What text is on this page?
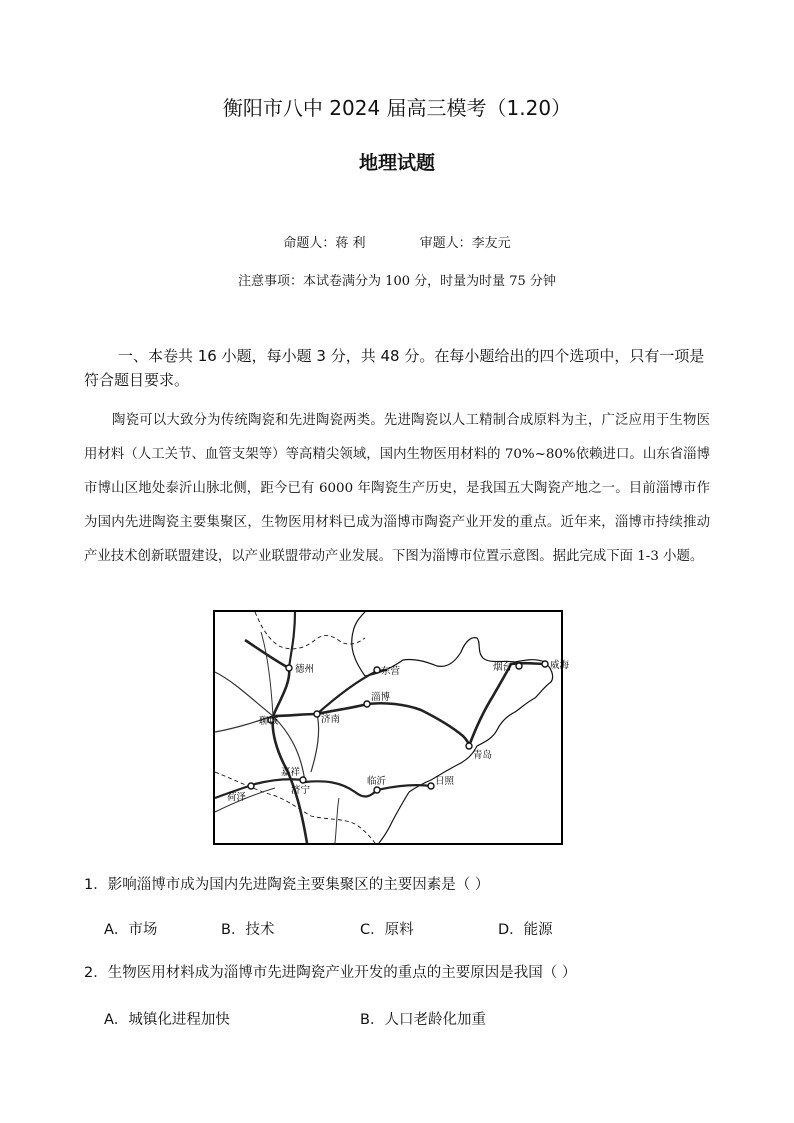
衡阳市八中 2024 届高三模考（1.20）
地理试题
命题人：蒋 利	审题人：李友元
注意事项：本试卷满分为 100 分，时量为时量 75 分钟
一、本卷共 16 小题，每小题 3 分，共 48 分。在每小题给出的四个选项中，只有一项是符合题目要求。
陶瓷可以大致分为传统陶瓷和先进陶瓷两类。先进陶瓷以人工精制合成原料为主，广泛应用于生物医用材料（人工关节、血管支架等）等高精尖领域，国内生物医用材料的 70%~80%依赖进口。山东省淄博市博山区地处泰沂山脉北侧，距今已有 6000 年陶瓷生产历史，是我国五大陶瓷产地之一。目前淄博市作为国内先进陶瓷主要集聚区，生物医用材料已成为淄博市陶瓷产业开发的重点。近年来，淄博市持续推动产业技术创新联盟建设，以产业联盟带动产业发展。下图为淄博市位置示意图。据此完成下面 1-3 小题。
德州	东营	烟台	威海
聊城	济南
淄博
青岛
嘉祥
济宁
荷泽
临沂	日照
1．影响淄博市成为国内先进陶瓷主要集聚区的主要因素是（ ）
A．市场	B．技术	C．原料	D．能源
2．生物医用材料成为淄博市先进陶瓷产业开发的重点的主要原因是我国（ ）
A．城镇化进程加快	B．人口老龄化加重
